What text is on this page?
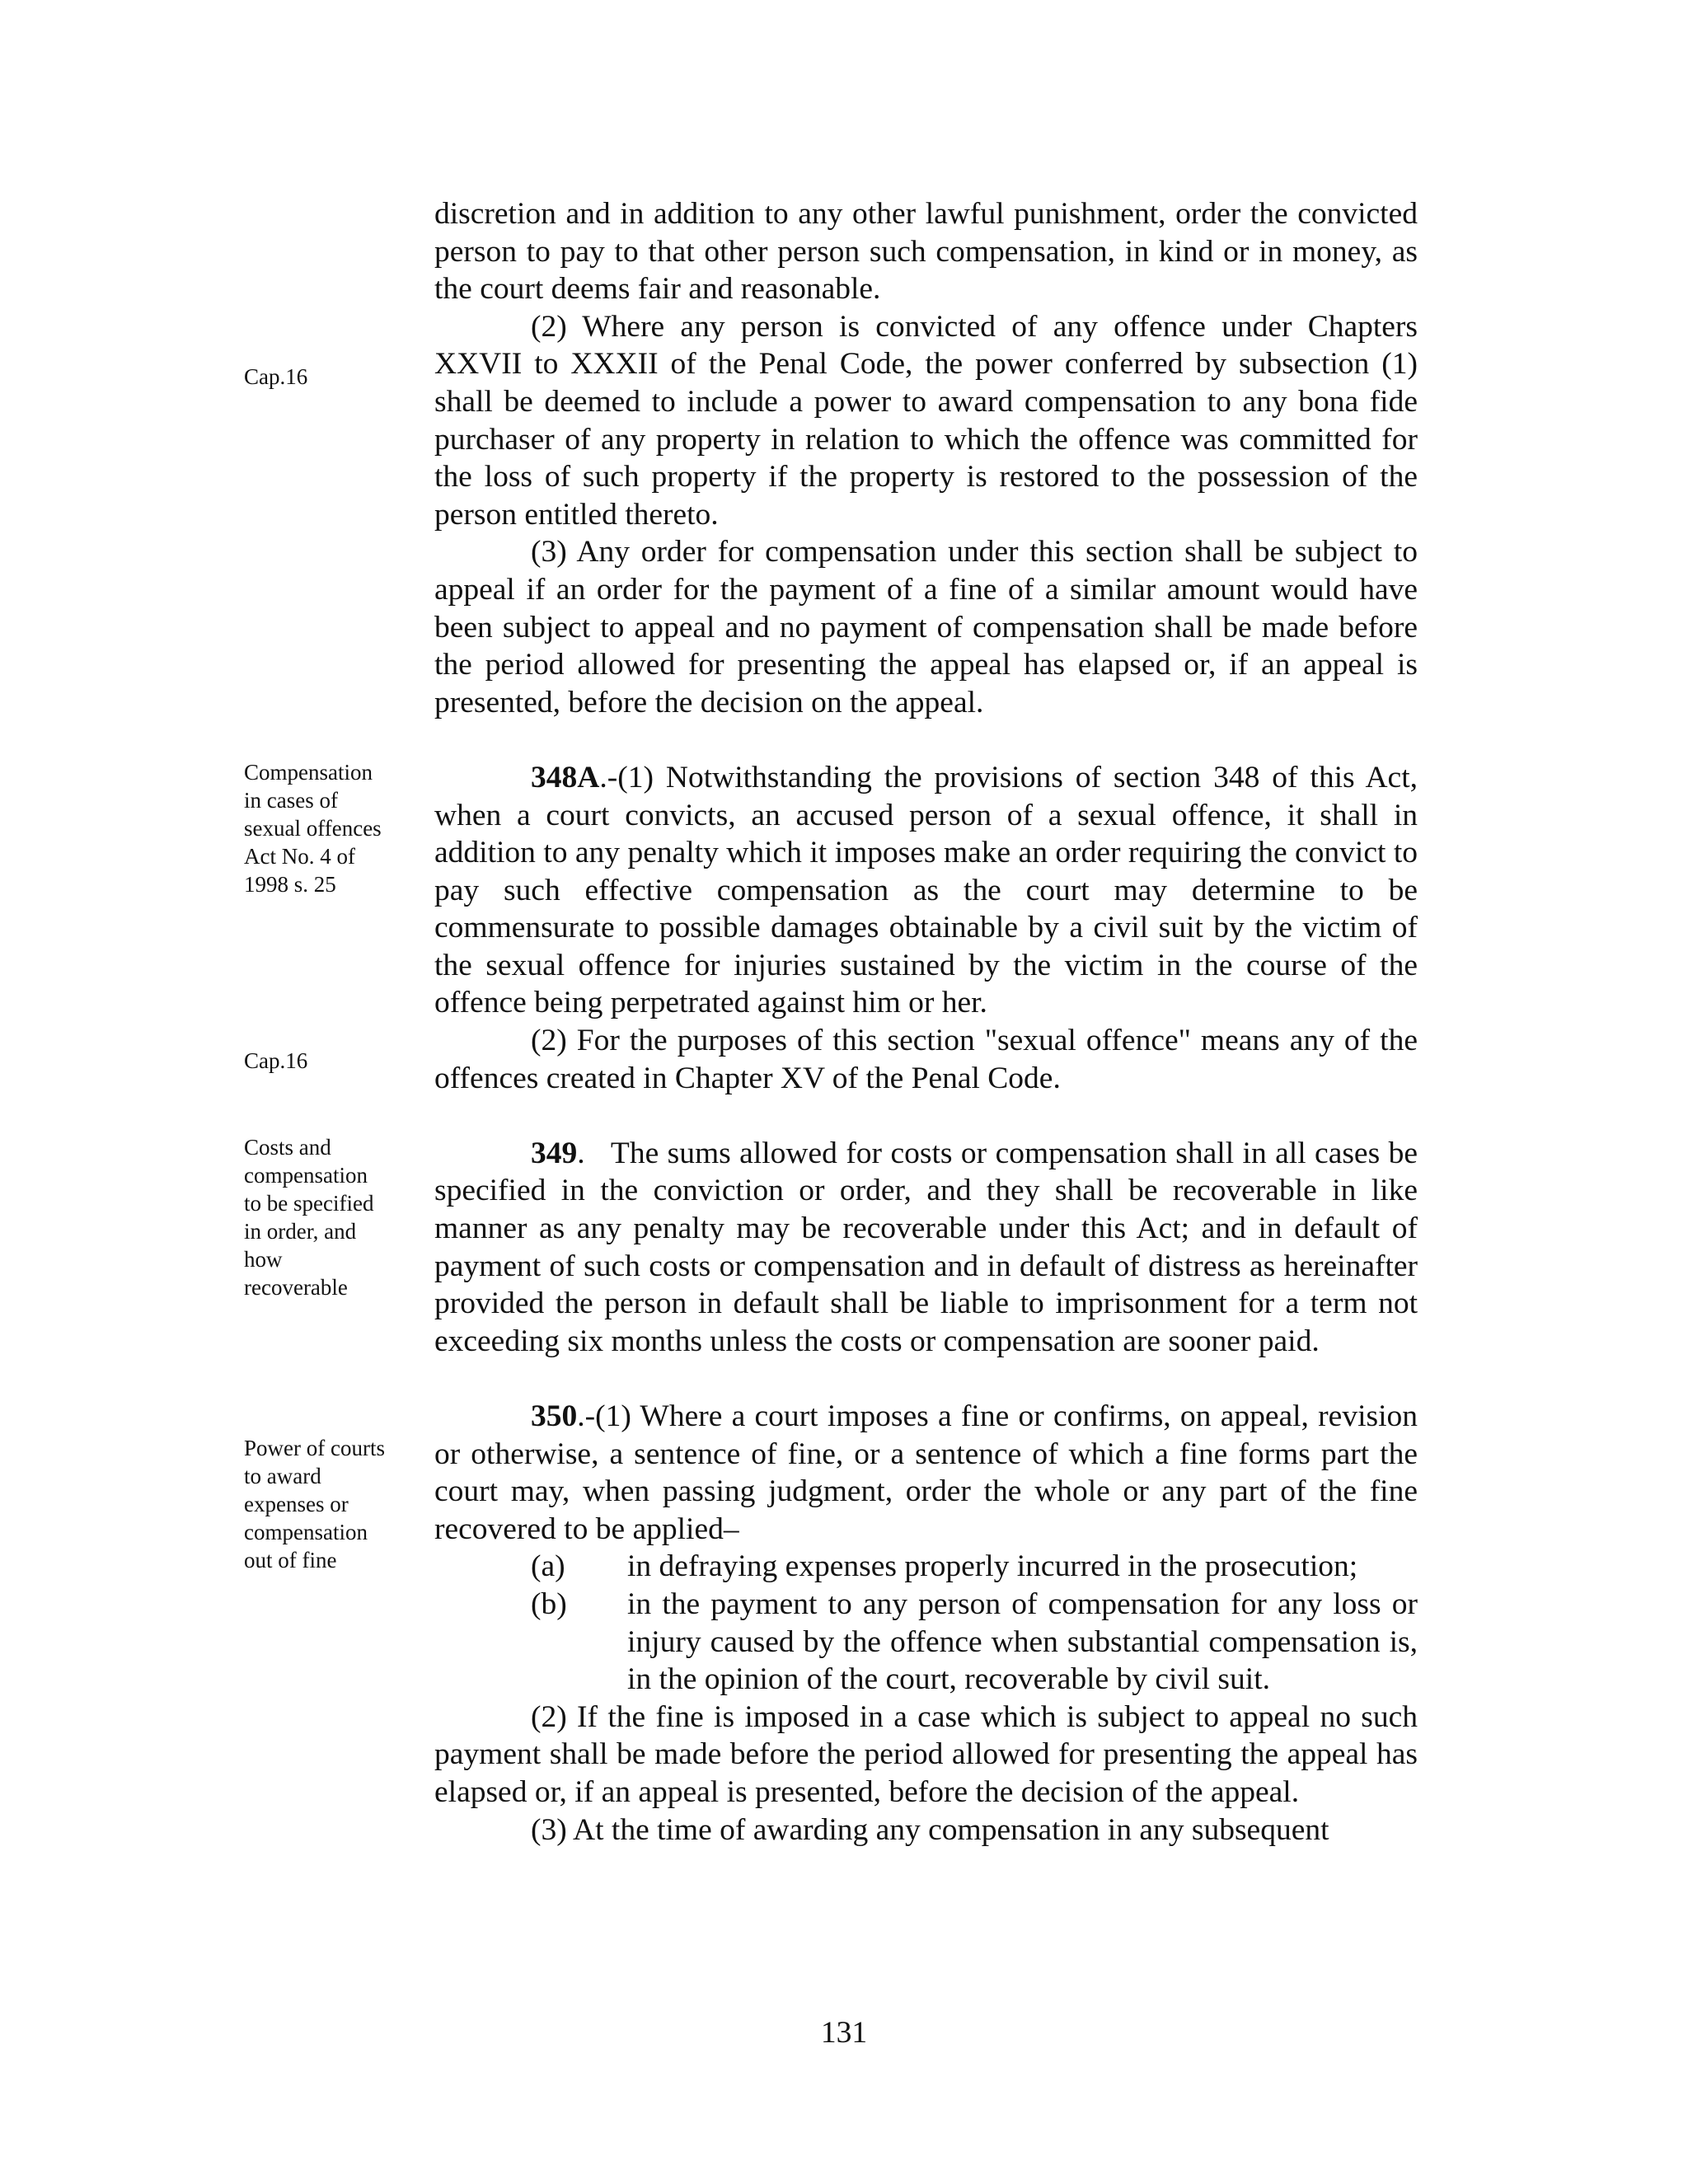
Cap.16
Compensation
in cases of
sexual offences
Act No. 4 of
1998 s. 25
Cap.16
Costs and
compensation
to be specified
in order, and
how
recoverable
Power of courts
to award
expenses or
compensation
out of fine

discretion and in addition to any other lawful punishment, order the convicted person to pay to that other person such compensation, in kind or in money, as the court deems fair and reasonable.

(2) Where any person is convicted of any offence under Chapters XXVII to XXXII of the Penal Code, the power conferred by subsection (1) shall be deemed to include a power to award compensation to any bona fide purchaser of any property in relation to which the offence was committed for the loss of such property if the property is restored to the possession of the person entitled thereto.

(3) Any order for compensation under this section shall be subject to appeal if an order for the payment of a fine of a similar amount would have been subject to appeal and no payment of compensation shall be made before the period allowed for presenting the appeal has elapsed or, if an appeal is presented, before the decision on the appeal.

348A.-(1) Notwithstanding the provisions of section 348 of this Act, when a court convicts, an accused person of a sexual offence, it shall in addition to any penalty which it imposes make an order requiring the convict to pay such effective compensation as the court may determine to be commensurate to possible damages obtainable by a civil suit by the victim of the sexual offence for injuries sustained by the victim in the course of the offence being perpetrated against him or her.

(2) For the purposes of this section "sexual offence" means any of the offences created in Chapter XV of the Penal Code.

349.   The sums allowed for costs or compensation shall in all cases be specified in the conviction or order, and they shall be recoverable in like manner as any penalty may be recoverable under this Act; and in default of payment of such costs or compensation and in default of distress as hereinafter provided the person in default shall be liable to imprisonment for a term not exceeding six months unless the costs or compensation are sooner paid.

350.-(1) Where a court imposes a fine or confirms, on appeal, revision or otherwise, a sentence of fine, or a sentence of which a fine forms part the court may, when passing judgment, order the whole or any part of the fine recovered to be applied–

(a)	in defraying expenses properly incurred in the prosecution;
(b)	in the payment to any person of compensation for any loss or injury caused by the offence when substantial compensation is, in the opinion of the court, recoverable by civil suit.

(2) If the fine is imposed in a case which is subject to appeal no such payment shall be made before the period allowed for presenting the appeal has elapsed or, if an appeal is presented, before the decision of the appeal.

(3) At the time of awarding any compensation in any subsequent

131
